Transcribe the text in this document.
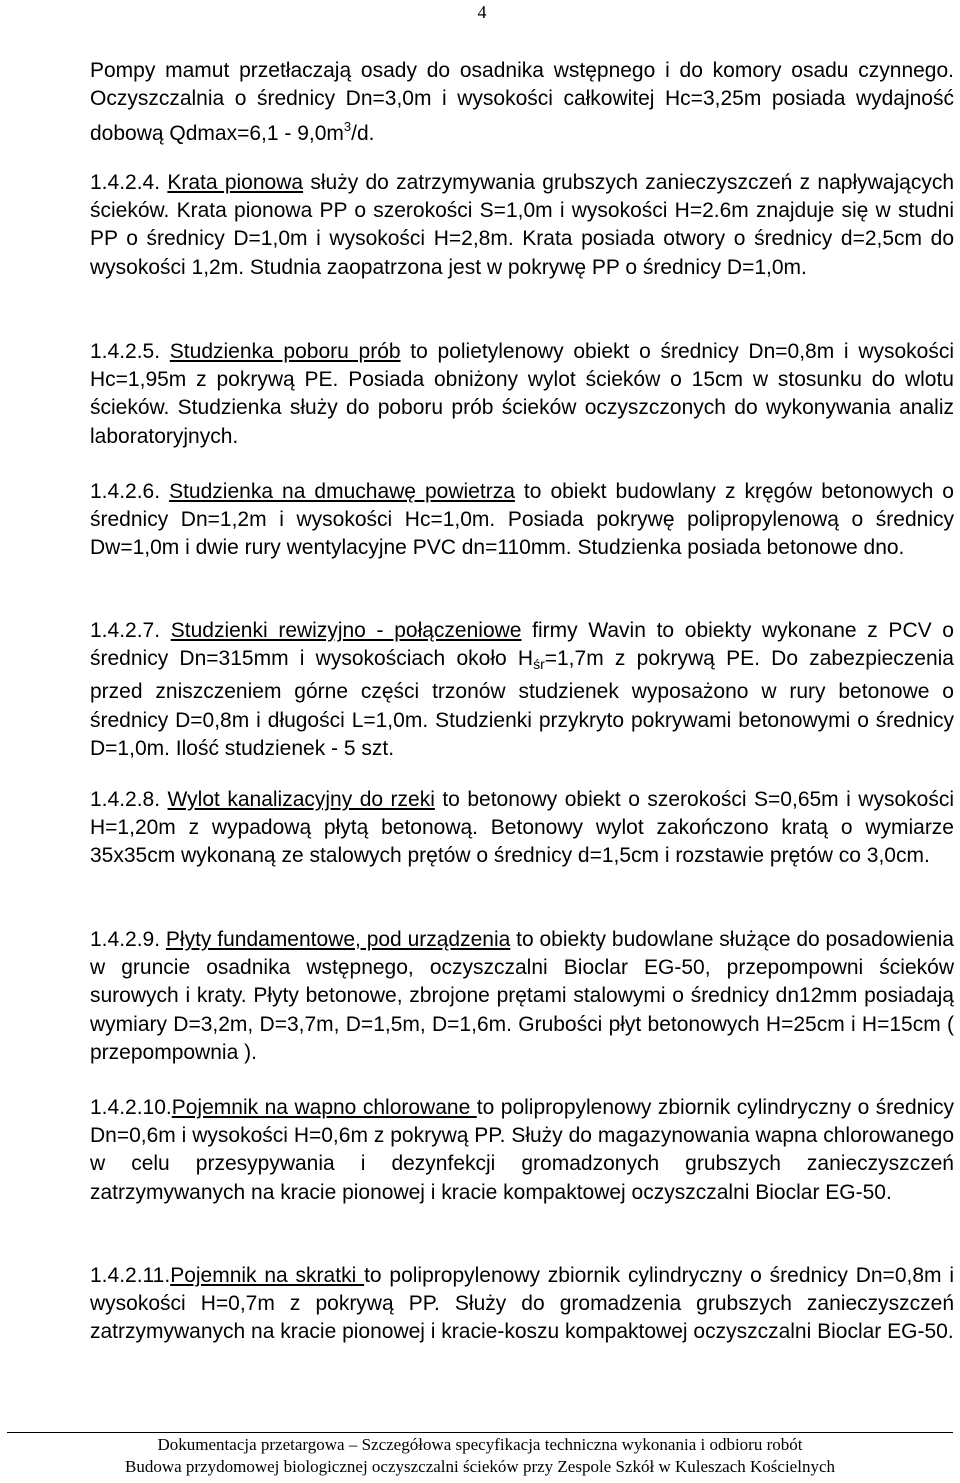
4

Pompy mamut przetłaczają osady do osadnika wstępnego i do komory osadu czynnego. Oczyszczalnia o średnicy Dn=3,0m i wysokości całkowitej Hc=3,25m posiada wydajność dobową $Qdmax=6,1 - 9,0m^3/d$.

1.4.2.4. Krata pionowa służy do zatrzymywania grubszych zanieczyszczeń z napływających ścieków. Krata pionowa PP o szerokości S=1,0m i wysokości H=2.6m znajduje się w studni PP o średnicy D=1,0m i wysokości H=2,8m. Krata posiada otwory o średnicy d=2,5cm do wysokości 1,2m. Studnia zaopatrzona jest w pokrywę PP o średnicy D=1,0m.

1.4.2.5. Studzienka poboru prób to polietylenowy obiekt o średnicy Dn=0,8m i wysokości Hc=1,95m z pokrywą PE. Posiada obniżony wylot ścieków o 15cm w stosunku do wlotu ścieków. Studzienka służy do poboru prób ścieków oczyszczonych do wykonywania analiz laboratoryjnych.

1.4.2.6. Studzienka na dmuchawę powietrza to obiekt budowlany z kręgów betonowych o średnicy Dn=1,2m i wysokości Hc=1,0m. Posiada pokrywę polipropylenową o średnicy Dw=1,0m i dwie rury wentylacyjne PVC dn=110mm. Studzienka posiada betonowe dno.

1.4.2.7. Studzienki rewizyjno - połączeniowe firmy Wavin to obiekty wykonane z PCV o średnicy Dn=315mm i wysokościach około $H_{śr}=1,7m$ z pokrywą PE. Do zabezpieczenia przed zniszczeniem górne części trzonów studzienek wyposażono w rury betonowe o średnicy D=0,8m i długości L=1,0m. Studzienki przykryto pokrywami betonowymi o średnicy D=1,0m. Ilość studzienek - 5 szt.

1.4.2.8. Wylot kanalizacyjny do rzeki to betonowy obiekt o szerokości S=0,65m i wysokości H=1,20m z wypadową płytą betonową. Betonowy wylot zakończono kratą o wymiarze 35x35cm wykonaną ze stalowych prętów o średnicy d=1,5cm i rozstawie prętów co 3,0cm.

1.4.2.9. Płyty fundamentowe, pod urządzenia to obiekty budowlane służące do posadowienia w gruncie osadnika wstępnego, oczyszczalni Bioclar EG-50, przepompowni ścieków surowych i kraty. Płyty betonowe, zbrojone prętami stalowymi o średnicy dn12mm posiadają wymiary D=3,2m, D=3,7m, D=1,5m, D=1,6m. Grubości płyt betonowych H=25cm i H=15cm ( przepompownia ).

1.4.2.10.Pojemnik na wapno chlorowane to polipropylenowy zbiornik cylindryczny o średnicy Dn=0,6m i wysokości H=0,6m z pokrywą PP. Służy do magazynowania wapna chlorowanego w celu przesypywania i dezynfekcji gromadzonych grubszych zanieczyszczeń zatrzymywanych na kracie pionowej i kracie kompaktowej oczyszczalni Bioclar EG-50.

1.4.2.11.Pojemnik na skratki to polipropylenowy zbiornik cylindryczny o średnicy Dn=0,8m i wysokości H=0,7m z pokrywą PP. Służy do gromadzenia grubszych zanieczyszczeń zatrzymywanych na kracie pionowej i kracie-koszu kompaktowej oczyszczalni Bioclar EG-50.

Dokumentacja przetargowa – Szczegółowa specyfikacja techniczna wykonania i odbioru robót
Budowa przydomowej biologicznej oczyszczalni ścieków przy Zespole Szkół w Kuleszach Kościelnych
